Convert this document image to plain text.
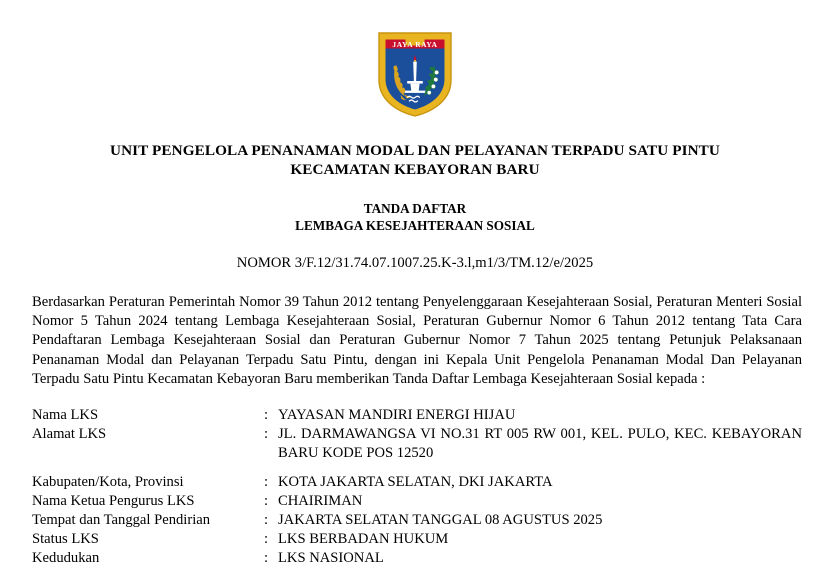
JAYA RAYA
UNIT PENGELOLA PENANAMAN MODAL DAN PELAYANAN TERPADU SATU PINTU
KECAMATAN KEBAYORAN BARU
TANDA DAFTAR
LEMBAGA KESEJAHTERAAN SOSIAL
NOMOR 3/F.12/31.74.07.1007.25.K-3.l,m1/3/TM.12/e/2025
Berdasarkan Peraturan Pemerintah Nomor 39 Tahun 2012 tentang Penyelenggaraan Kesejahteraan Sosial, Peraturan Menteri Sosial Nomor 5 Tahun 2024 tentang Lembaga Kesejahteraan Sosial, Peraturan Gubernur Nomor 6 Tahun 2012 tentang Tata Cara Pendaftaran Lembaga Kesejahteraan Sosial dan Peraturan Gubernur Nomor 7 Tahun 2025 tentang Petunjuk Pelaksanaan Penanaman Modal dan Pelayanan Terpadu Satu Pintu, dengan ini Kepala Unit Pengelola Penanaman Modal Dan Pelayanan Terpadu Satu Pintu Kecamatan Kebayoran Baru memberikan Tanda Daftar Lembaga Kesejahteraan Sosial kepada :
Nama LKS	:	YAYASAN MANDIRI ENERGI HIJAU
Alamat LKS	:	JL. DARMAWANGSA VI NO.31 RT 005 RW 001, KEL. PULO, KEC. KEBAYORAN BARU KODE POS 12520
Kabupaten/Kota, Provinsi	:	KOTA JAKARTA SELATAN, DKI JAKARTA
Nama Ketua Pengurus LKS	:	CHAIRIMAN
Tempat dan Tanggal Pendirian	:	JAKARTA SELATAN TANGGAL 08 AGUSTUS 2025
Status LKS	:	LKS BERBADAN HUKUM
Kedudukan	:	LKS NASIONAL
